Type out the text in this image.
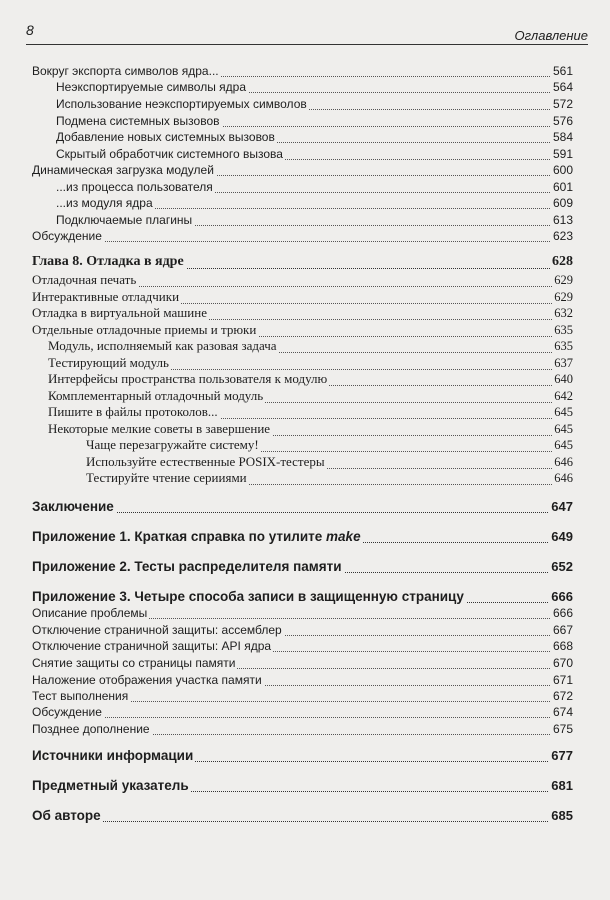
8	Оглавление
Вокруг экспорта символов ядра...	561
Неэкспортируемые символы ядра	564
Использование неэкспортируемых символов	572
Подмена системных вызовов	576
Добавление новых системных вызовов	584
Скрытый обработчик системного вызова	591
Динамическая загрузка модулей	600
...из процесса пользователя	601
...из модуля ядра	609
Подключаемые плагины	613
Обсуждение	623
Глава 8. Отладка в ядре	628
Отладочная печать	629
Интерактивные отладчики	629
Отладка в виртуальной машине	632
Отдельные отладочные приемы и трюки	635
Модуль, исполняемый как разовая задача	635
Тестирующий модуль	637
Интерфейсы пространства пользователя к модулю	640
Комплементарный отладочный модуль	642
Пишите в файлы протоколов...	645
Некоторые мелкие советы в завершение	645
Чаще перезагружайте систему!	645
Используйте естественные POSIX-тестеры	646
Тестируйте чтение серииями	646
Заключение	647
Приложение 1. Краткая справка по утилите make	649
Приложение 2. Тесты распределителя памяти	652
Приложение 3. Четыре способа записи в защищенную страницу	666
Описание проблемы	666
Отключение страничной защиты: ассемблер	667
Отключение страничной защиты: API ядра	668
Снятие защиты со страницы памяти	670
Наложение отображения участка памяти	671
Тест выполнения	672
Обсуждение	674
Позднее дополнение	675
Источники информации	677
Предметный указатель	681
Об авторе	685
